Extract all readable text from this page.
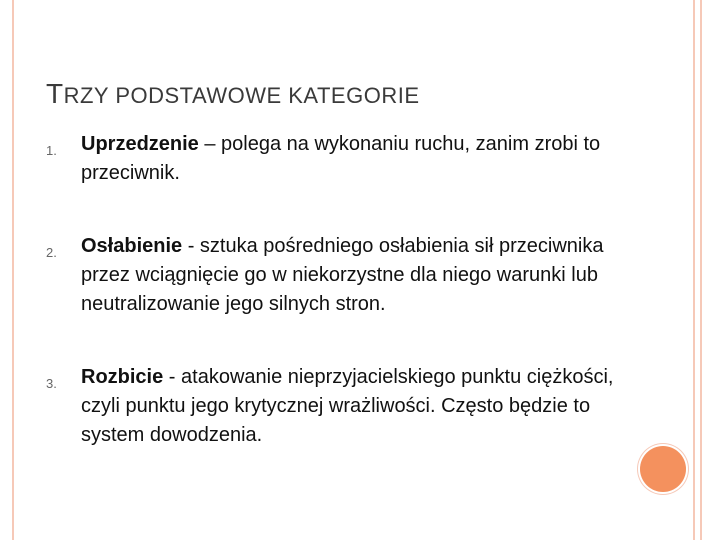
TRZY PODSTAWOWE KATEGORIE
1. Uprzedzenie – polega na wykonaniu ruchu, zanim zrobi to przeciwnik.
2. Osłabienie - sztuka pośredniego osłabienia sił przeciwnika przez wciągnięcie go w niekorzystne dla niego warunki lub neutralizowanie jego silnych stron.
3. Rozbicie - atakowanie nieprzyjacielskiego punktu ciężkości, czyli punktu jego krytycznej wrażliwości. Często będzie to system dowodzenia.
